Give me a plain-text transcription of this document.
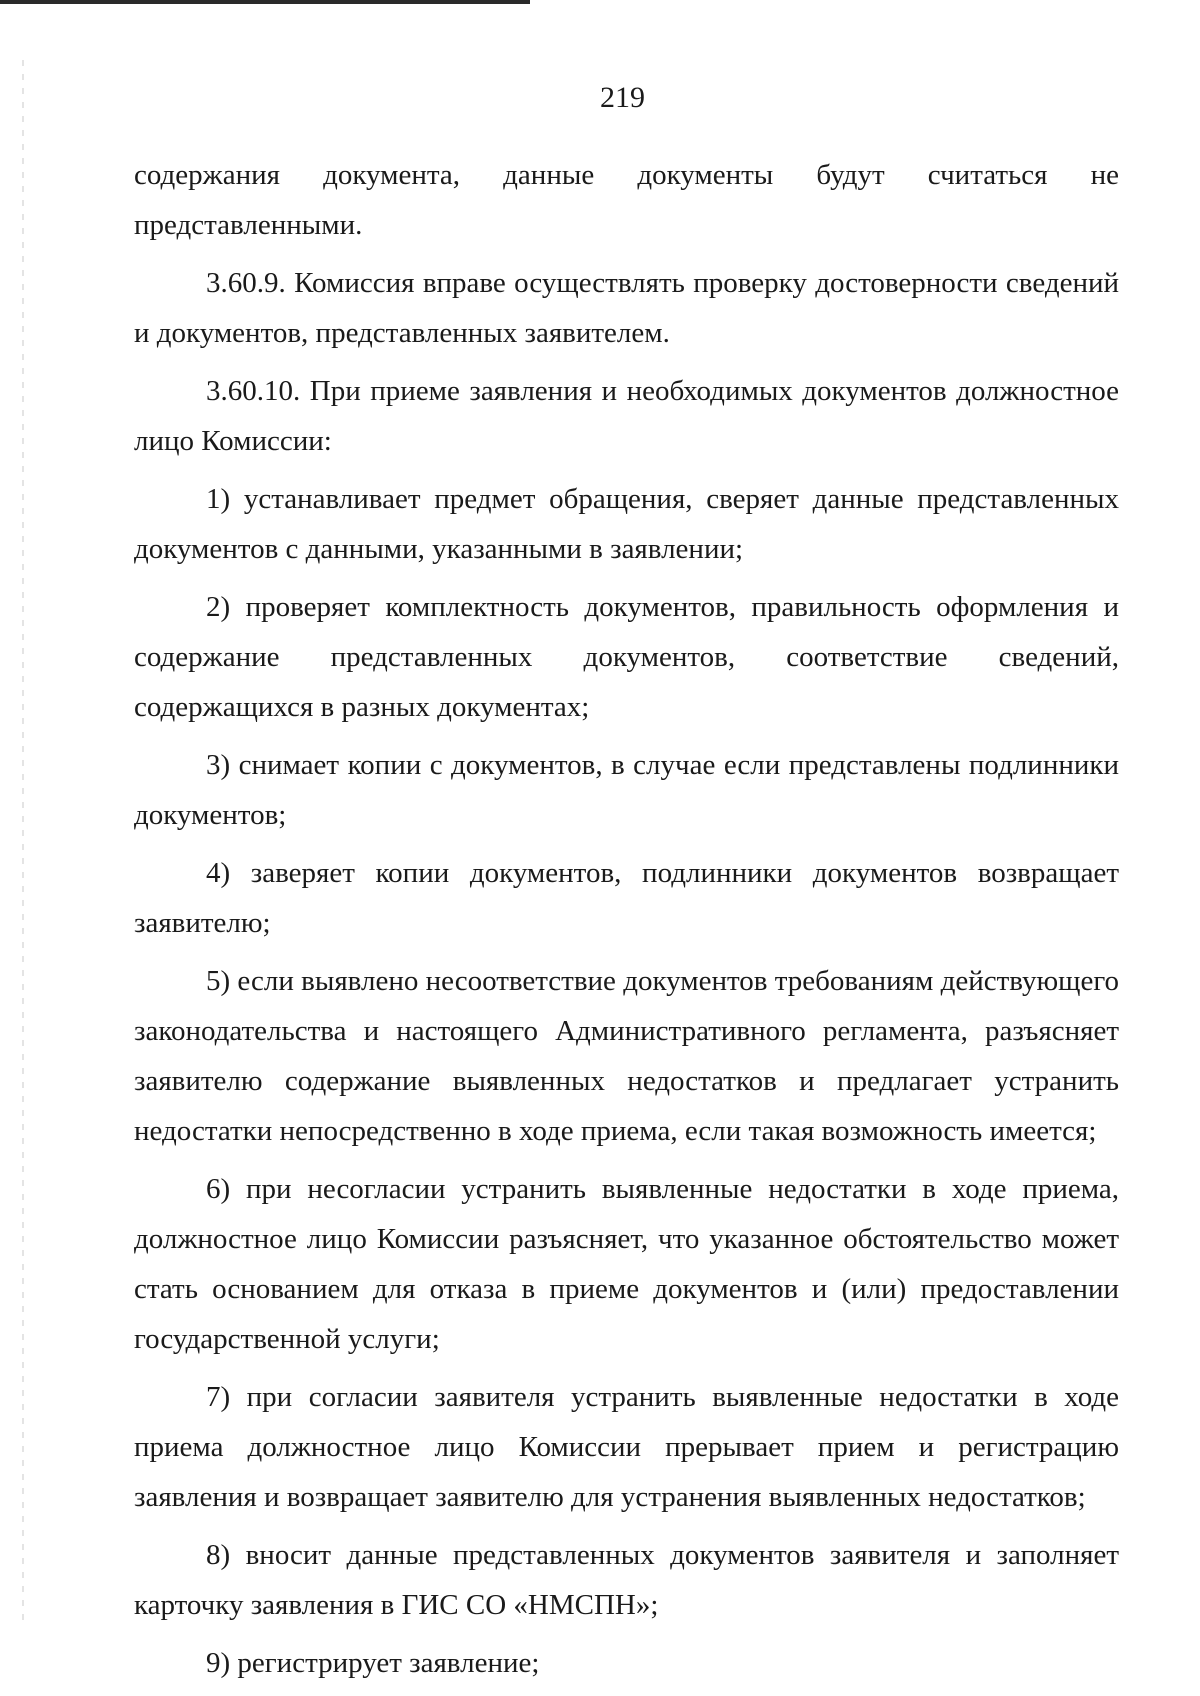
219

содержания документа, данные документы будут считаться не представленными.

3.60.9. Комиссия вправе осуществлять проверку достоверности сведений и документов, представленных заявителем.

3.60.10. При приеме заявления и необходимых документов должностное лицо Комиссии:

1) устанавливает предмет обращения, сверяет данные представленных документов с данными, указанными в заявлении;

2) проверяет комплектность документов, правильность оформления и содержание представленных документов, соответствие сведений, содержащихся в разных документах;

3) снимает копии с документов, в случае если представлены подлинники документов;

4) заверяет копии документов, подлинники документов возвращает заявителю;

5) если выявлено несоответствие документов требованиям действующего законодательства и настоящего Административного регламента, разъясняет заявителю содержание выявленных недостатков и предлагает устранить недостатки непосредственно в ходе приема, если такая возможность имеется;

6) при несогласии устранить выявленные недостатки в ходе приема, должностное лицо Комиссии разъясняет, что указанное обстоятельство может стать основанием для отказа в приеме документов и (или) предоставлении государственной услуги;

7) при согласии заявителя устранить выявленные недостатки в ходе приема должностное лицо Комиссии прерывает прием и регистрацию заявления и возвращает заявителю для устранения выявленных недостатков;

8) вносит данные представленных документов заявителя и заполняет карточку заявления в ГИС СО «НМСПН»;

9) регистрирует заявление;
